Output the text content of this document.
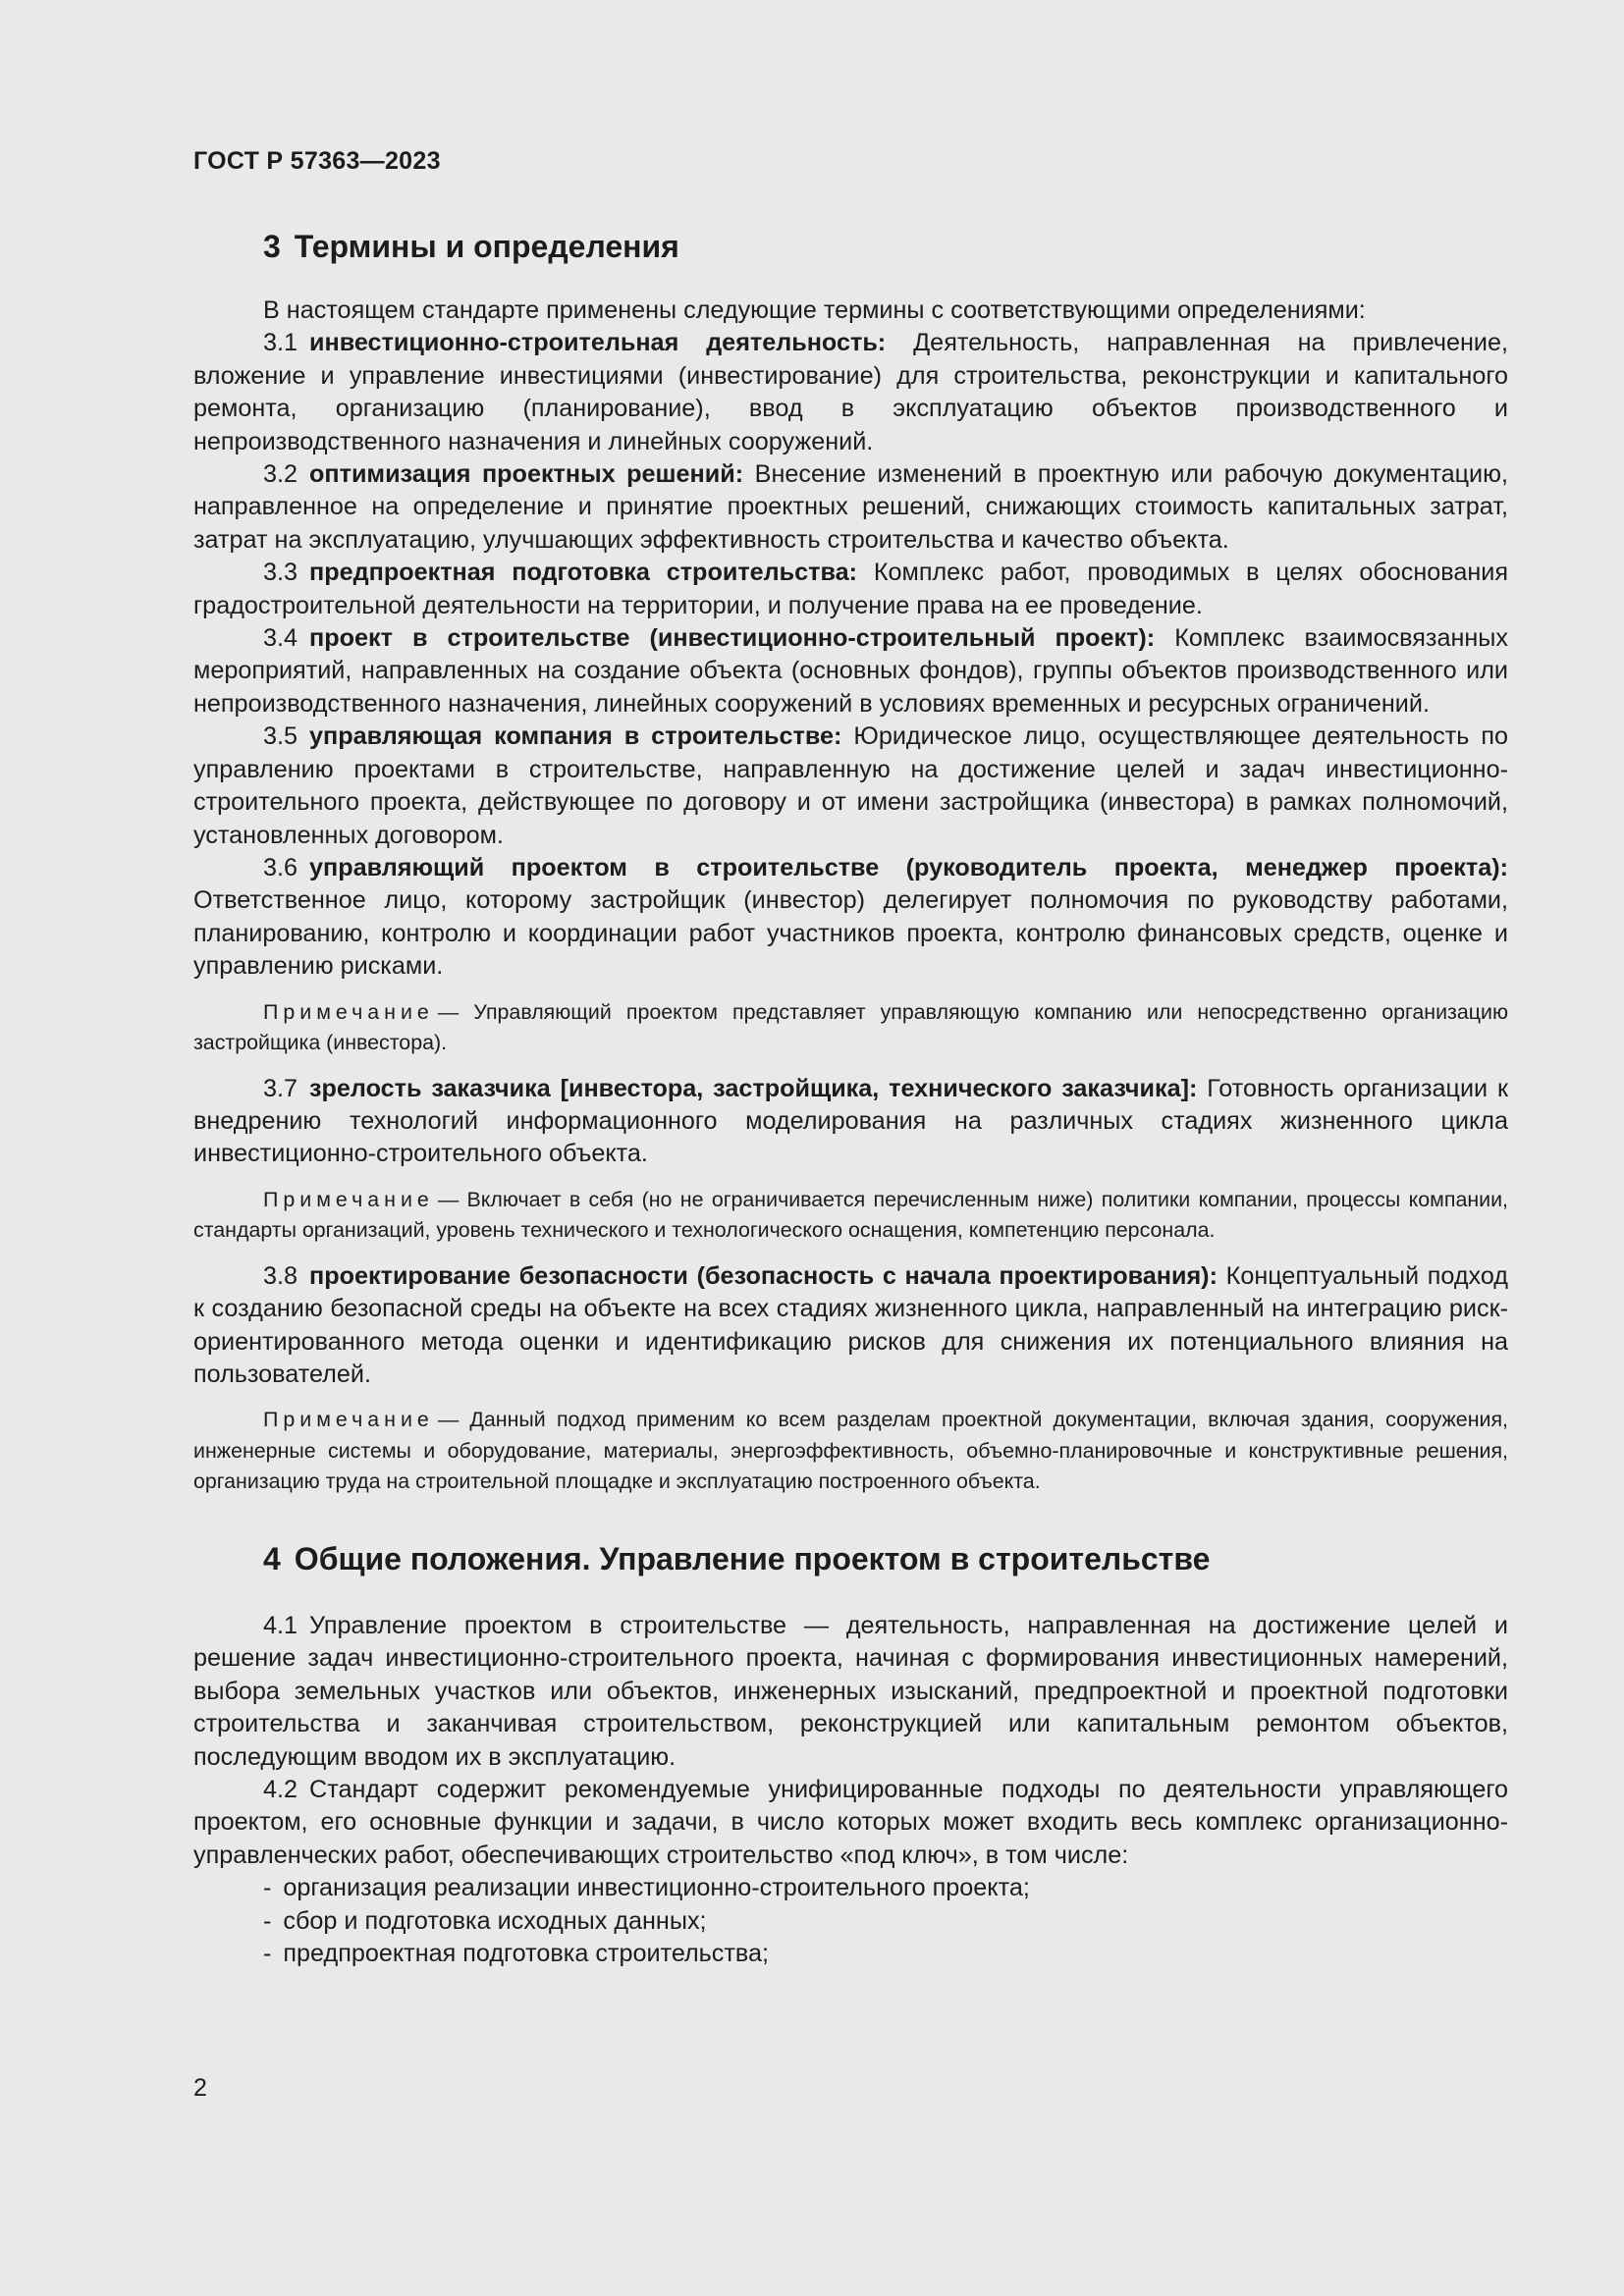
ГОСТ Р 57363—2023
3 Термины и определения

В настоящем стандарте применены следующие термины с соответствующими определениями:

3.1 инвестиционно-строительная деятельность: Деятельность, направленная на привлечение, вложение и управление инвестициями (инвестирование) для строительства, реконструкции и капитального ремонта, организацию (планирование), ввод в эксплуатацию объектов производственного и непроизводственного назначения и линейных сооружений.

3.2 оптимизация проектных решений: Внесение изменений в проектную или рабочую документацию, направленное на определение и принятие проектных решений, снижающих стоимость капитальных затрат, затрат на эксплуатацию, улучшающих эффективность строительства и качество объекта.

3.3 предпроектная подготовка строительства: Комплекс работ, проводимых в целях обоснования градостроительной деятельности на территории, и получение права на ее проведение.

3.4 проект в строительстве (инвестиционно-строительный проект): Комплекс взаимосвязанных мероприятий, направленных на создание объекта (основных фондов), группы объектов производственного или непроизводственного назначения, линейных сооружений в условиях временных и ресурсных ограничений.

3.5 управляющая компания в строительстве: Юридическое лицо, осуществляющее деятельность по управлению проектами в строительстве, направленную на достижение целей и задач инвестиционно-строительного проекта, действующее по договору и от имени застройщика (инвестора) в рамках полномочий, установленных договором.

3.6 управляющий проектом в строительстве (руководитель проекта, менеджер проекта): Ответственное лицо, которому застройщик (инвестор) делегирует полномочия по руководству работами, планированию, контролю и координации работ участников проекта, контролю финансовых средств, оценке и управлению рисками.

Примечание — Управляющий проектом представляет управляющую компанию или непосредственно организацию застройщика (инвестора).

3.7 зрелость заказчика [инвестора, застройщика, технического заказчика]: Готовность организации к внедрению технологий информационного моделирования на различных стадиях жизненного цикла инвестиционно-строительного объекта.

Примечание — Включает в себя (но не ограничивается перечисленным ниже) политики компании, процессы компании, стандарты организаций, уровень технического и технологического оснащения, компетенцию персонала.

3.8 проектирование безопасности (безопасность с начала проектирования): Концептуальный подход к созданию безопасной среды на объекте на всех стадиях жизненного цикла, направленный на интеграцию риск-ориентированного метода оценки и идентификацию рисков для снижения их потенциального влияния на пользователей.

Примечание — Данный подход применим ко всем разделам проектной документации, включая здания, сооружения, инженерные системы и оборудование, материалы, энергоэффективность, объемно-планировочные и конструктивные решения, организацию труда на строительной площадке и эксплуатацию построенного объекта.

4 Общие положения. Управление проектом в строительстве

4.1 Управление проектом в строительстве — деятельность, направленная на достижение целей и решение задач инвестиционно-строительного проекта, начиная с формирования инвестиционных намерений, выбора земельных участков или объектов, инженерных изысканий, предпроектной и проектной подготовки строительства и заканчивая строительством, реконструкцией или капитальным ремонтом объектов, последующим вводом их в эксплуатацию.

4.2 Стандарт содержит рекомендуемые унифицированные подходы по деятельности управляющего проектом, его основные функции и задачи, в число которых может входить весь комплекс организационно-управленческих работ, обеспечивающих строительство «под ключ», в том числе:

- организация реализации инвестиционно-строительного проекта;
- сбор и подготовка исходных данных;
- предпроектная подготовка строительства;
2
